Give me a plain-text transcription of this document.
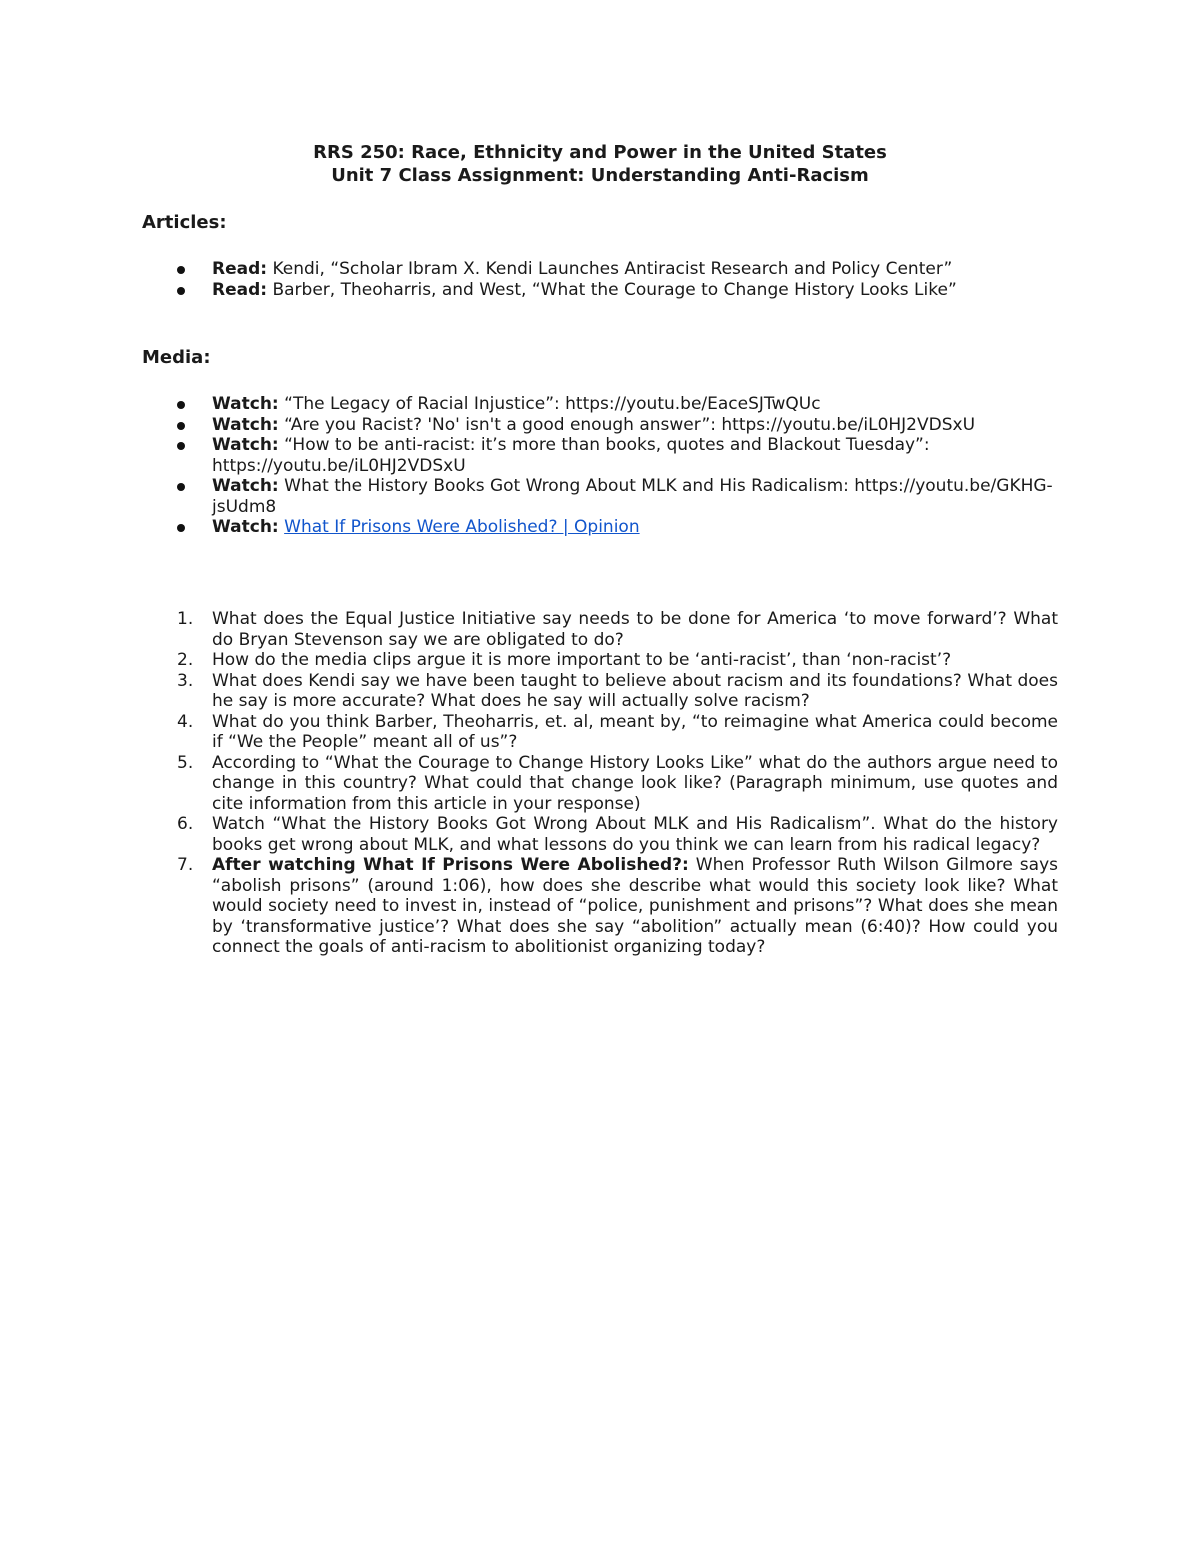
RRS 250: Race, Ethnicity and Power in the United States
Unit 7 Class Assignment: Understanding Anti-Racism
Articles:
Read: Kendi, “Scholar Ibram X. Kendi Launches Antiracist Research and Policy Center”
Read: Barber, Theoharris, and West, “What the Courage to Change History Looks Like”
Media:
Watch: “The Legacy of Racial Injustice”: https://youtu.be/EaceSJTwQUc
Watch: “Are you Racist? 'No' isn't a good enough answer”: https://youtu.be/iL0HJ2VDSxU
Watch: “How to be anti-racist: it’s more than books, quotes and Blackout Tuesday”: https://youtu.be/iL0HJ2VDSxU
Watch: What the History Books Got Wrong About MLK and His Radicalism: https://youtu.be/GKHG-jsUdm8
Watch: What If Prisons Were Abolished? | Opinion
1. What does the Equal Justice Initiative say needs to be done for America ‘to move forward’? What do Bryan Stevenson say we are obligated to do?
2. How do the media clips argue it is more important to be ‘anti-racist’, than ‘non-racist’?
3. What does Kendi say we have been taught to believe about racism and its foundations? What does he say is more accurate? What does he say will actually solve racism?
4. What do you think Barber, Theoharris, et. al, meant by, “to reimagine what America could become if “We the People” meant all of us”?
5. According to “What the Courage to Change History Looks Like” what do the authors argue need to change in this country? What could that change look like? (Paragraph minimum, use quotes and cite information from this article in your response)
6. Watch “What the History Books Got Wrong About MLK and His Radicalism”. What do the history books get wrong about MLK, and what lessons do you think we can learn from his radical legacy?
7. After watching What If Prisons Were Abolished?: When Professor Ruth Wilson Gilmore says “abolish prisons” (around 1:06), how does she describe what would this society look like? What would society need to invest in, instead of “police, punishment and prisons”? What does she mean by ‘transformative justice’? What does she say “abolition” actually mean (6:40)? How could you connect the goals of anti-racism to abolitionist organizing today?
